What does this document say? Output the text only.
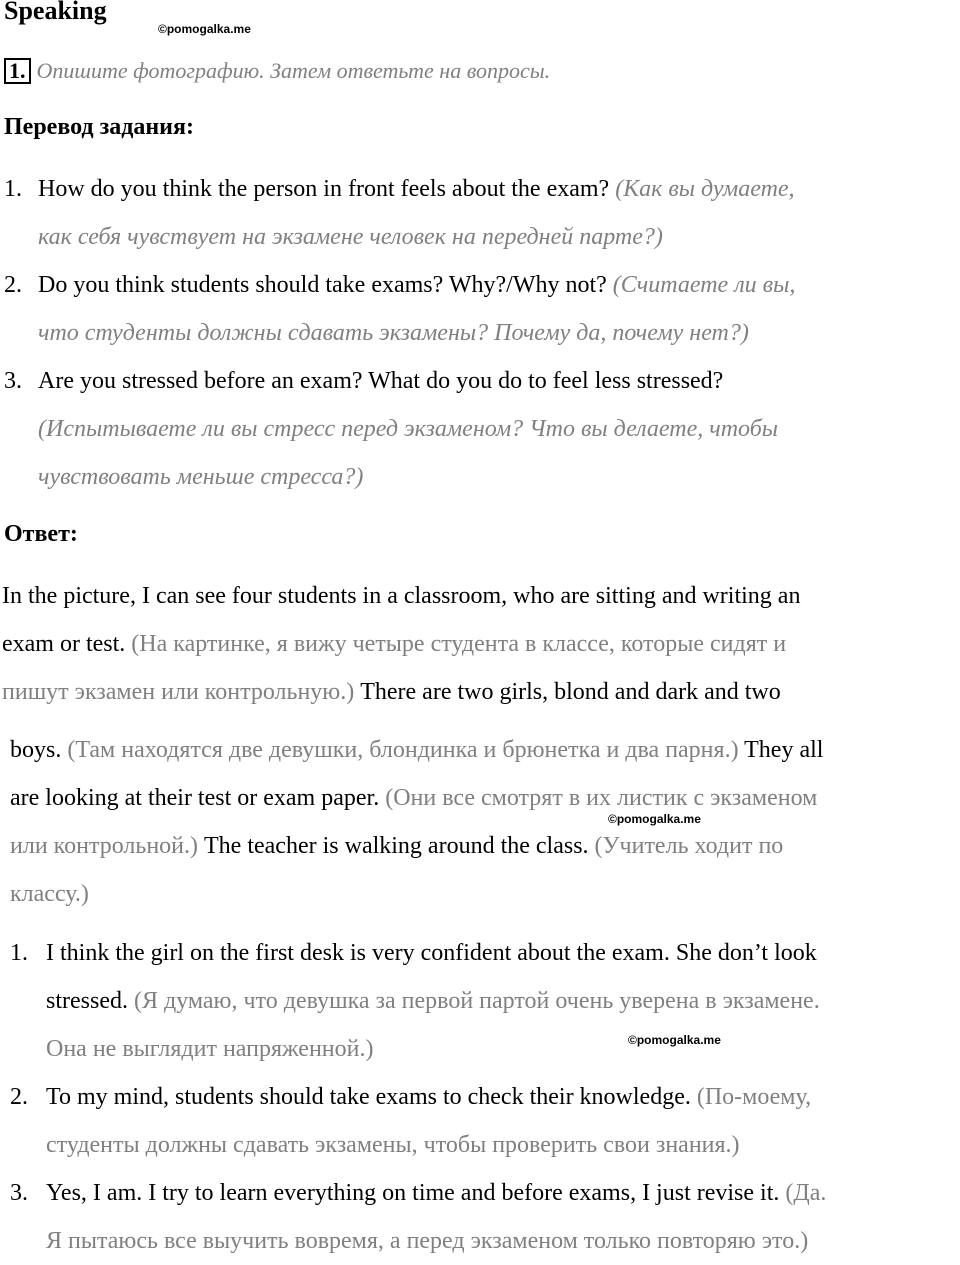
Speaking
©pomogalka.me
1. Опишите фотографию. Затем ответьте на вопросы.
Перевод задания:

1. How do you think the person in front feels about the exam? (Как вы думаете,

как себя чувствует на экзамене человек на передней парте?)

2. Do you think students should take exams? Why?/Why not? (Считаете ли вы,

что студенты должны сдавать экзамены? Почему да, почему нет?)

3. Are you stressed before an exam? What do you do to feel less stressed?

(Испытываете ли вы стресс перед экзаменом? Что вы делаете, чтобы

чувствовать меньше стресса?)

Ответ:

In the picture, I can see four students in a classroom, who are sitting and writing an

exam or test. (На картинке, я вижу четыре студента в классе, которые сидят и

пишут экзамен или контрольную.) There are two girls, blond and dark and two

boys. (Там находятся две девушки, блондинка и брюнетка и два парня.) They all

are looking at their test or exam paper. (Они все смотрят в их листик с экзаменом

или контрольной.) The teacher is walking around the class. (Учитель ходит по

классу.)

©pomogalka.me

1. I think the girl on the first desk is very confident about the exam. She don’t look

stressed. (Я думаю, что девушка за первой партой очень уверена в экзамене.

Она не выглядит напряженной.)

2. To my mind, students should take exams to check their knowledge. (По-моему,

студенты должны сдавать экзамены, чтобы проверить свои знания.)

3. Yes, I am. I try to learn everything on time and before exams, I just revise it. (Да.

Я пытаюсь все выучить вовремя, а перед экзаменом только повторяю это.)

©pomogalka.me
